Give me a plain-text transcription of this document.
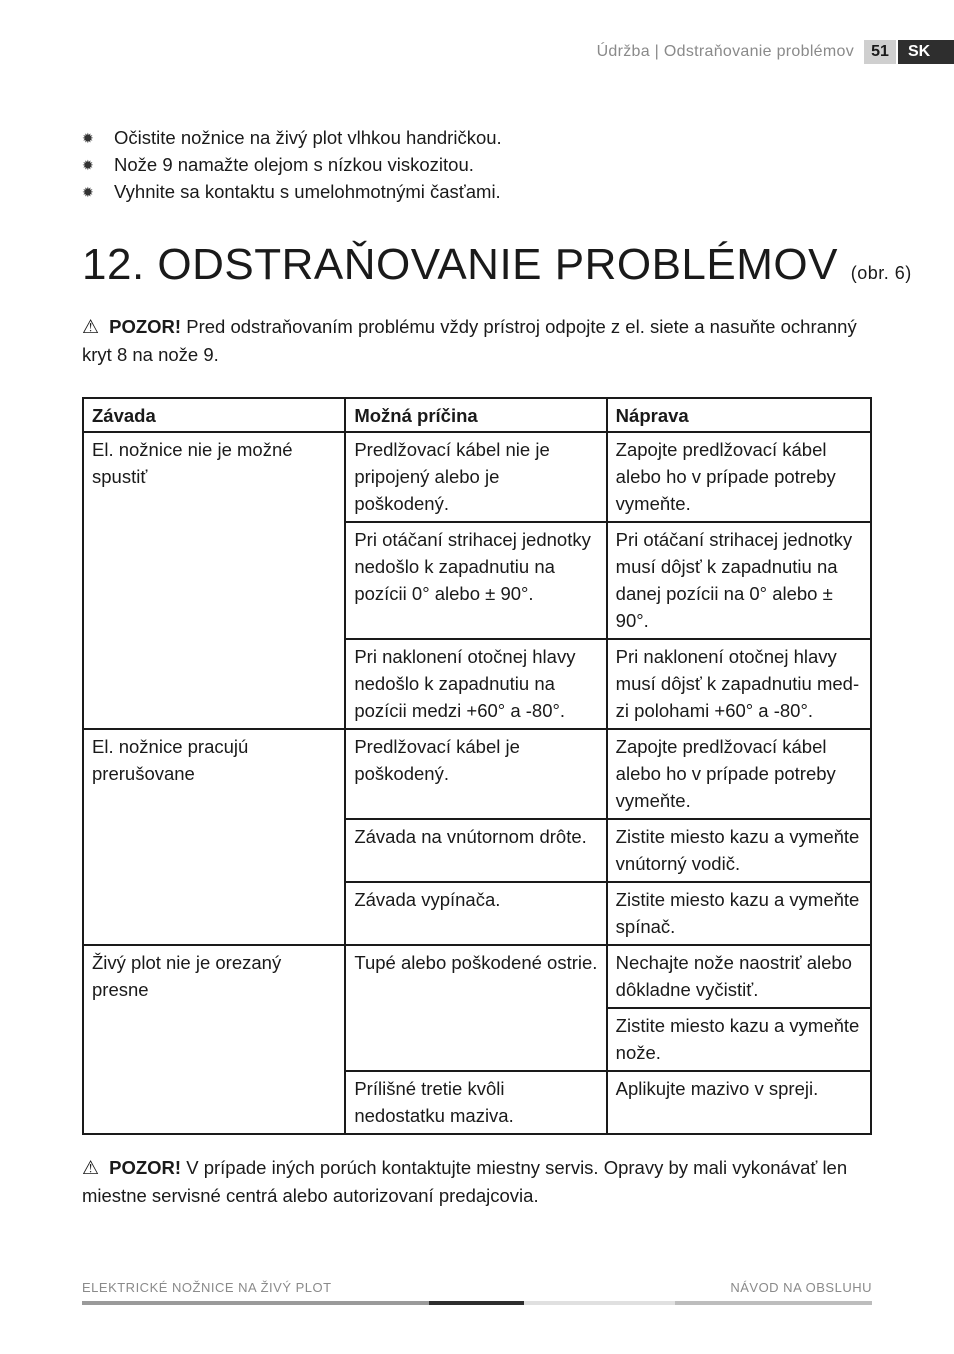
Údržba | Odstraňovanie problémov	51	SK
✹ Očistite nožnice na živý plot vlhkou handričkou.
✹ Nože 9 namažte olejom s nízkou viskozitou.
✹ Vyhnite sa kontaktu s umelohmotnými časťami.
12. ODSTRAŇOVANIE PROBLÉMOV (obr. 6)

⚠ POZOR! Pred odstraňovaním problému vždy prístroj odpojte z el. siete a nasuňte ochranný kryt 8 na nože 9.

Závada	Možná príčina	Náprava
El. nožnice nie je možné spustiť	Predlžovací kábel nie je pripojený alebo je poškodený.	Zapojte predlžovací kábel alebo ho v prípade potreby vymeňte.
	Pri otáčaní strihacej jednotky nedošlo k zapadnutiu na pozícii 0° alebo ± 90°.	Pri otáčaní strihacej jednotky musí dôjsť k zapadnutiu na danej pozícii na 0° alebo ± 90°.
	Pri naklonení otočnej hlavy nedošlo k zapadnutiu na pozícii medzi +60° a -80°.	Pri naklonení otočnej hlavy musí dôjsť k zapadnutiu med-zi polohami +60° a -80°.
El. nožnice pracujú prerušovane	Predlžovací kábel je poškodený.	Zapojte predlžovací kábel alebo ho v prípade potreby vymeňte.
	Závada na vnútornom drôte.	Zistite miesto kazu a vymeňte vnútorný vodič.
	Závada vypínača.	Zistite miesto kazu a vymeňte spínač.
Živý plot nie je orezaný presne	Tupé alebo poškodené ostrie.	Nechajte nože naostriť alebo dôkladne vyčistiť.
		Zistite miesto kazu a vymeňte nože.
	Prílišné tretie kvôli nedostatku maziva.	Aplikujte mazivo v spreji.

⚠ POZOR! V prípade iných porúch kontaktujte miestny servis. Opravy by mali vykonávať len miestne servisné centrá alebo autorizovaní predajcovia.

ELEKTRICKÉ NOŽNICE NA ŽIVÝ PLOT	NÁVOD NA OBSLUHU
